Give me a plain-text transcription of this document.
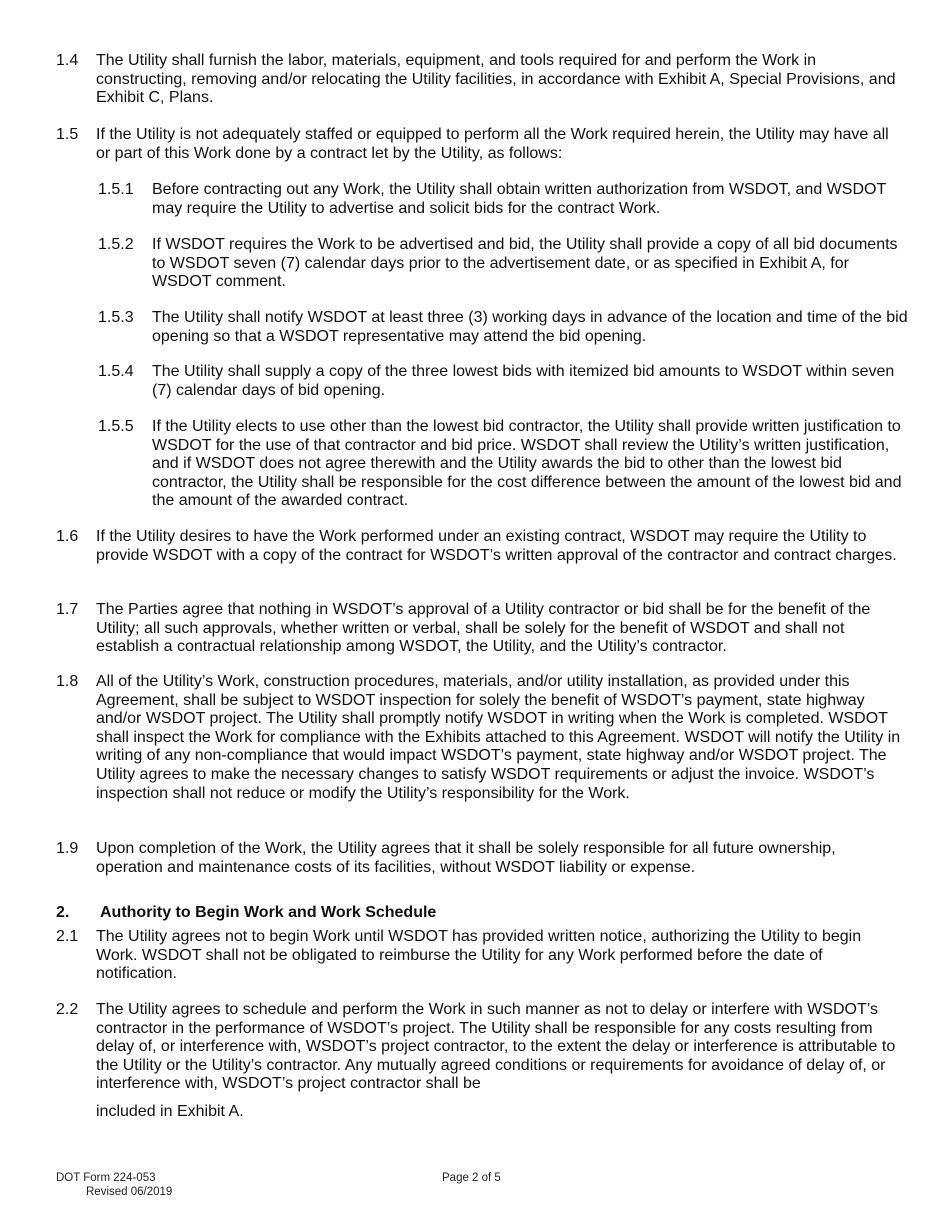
1.4 The Utility shall furnish the labor, materials, equipment, and tools required for and perform the Work in constructing, removing and/or relocating the Utility facilities, in accordance with Exhibit A, Special Provisions, and Exhibit C, Plans.
1.5 If the Utility is not adequately staffed or equipped to perform all the Work required herein, the Utility may have all or part of this Work done by a contract let by the Utility, as follows:
1.5.1 Before contracting out any Work, the Utility shall obtain written authorization from WSDOT, and WSDOT may require the Utility to advertise and solicit bids for the contract Work.
1.5.2 If WSDOT requires the Work to be advertised and bid, the Utility shall provide a copy of all bid documents to WSDOT seven (7) calendar days prior to the advertisement date, or as specified in Exhibit A, for WSDOT comment.
1.5.3 The Utility shall notify WSDOT at least three (3) working days in advance of the location and time of the bid opening so that a WSDOT representative may attend the bid opening.
1.5.4 The Utility shall supply a copy of the three lowest bids with itemized bid amounts to WSDOT within seven (7) calendar days of bid opening.
1.5.5 If the Utility elects to use other than the lowest bid contractor, the Utility shall provide written justification to WSDOT for the use of that contractor and bid price. WSDOT shall review the Utility’s written justification, and if WSDOT does not agree therewith and the Utility awards the bid to other than the lowest bid contractor, the Utility shall be responsible for the cost difference between the amount of the lowest bid and the amount of the awarded contract.
1.6 If the Utility desires to have the Work performed under an existing contract, WSDOT may require the Utility to provide WSDOT with a copy of the contract for WSDOT’s written approval of the contractor and contract charges.
1.7 The Parties agree that nothing in WSDOT’s approval of a Utility contractor or bid shall be for the benefit of the Utility; all such approvals, whether written or verbal, shall be solely for the benefit of WSDOT and shall not establish a contractual relationship among WSDOT, the Utility, and the Utility’s contractor.
1.8 All of the Utility’s Work, construction procedures, materials, and/or utility installation, as provided under this Agreement, shall be subject to WSDOT inspection for solely the benefit of WSDOT’s payment, state highway and/or WSDOT project. The Utility shall promptly notify WSDOT in writing when the Work is completed. WSDOT shall inspect the Work for compliance with the Exhibits attached to this Agreement. WSDOT will notify the Utility in writing of any non-compliance that would impact WSDOT’s payment, state highway and/or WSDOT project. The Utility agrees to make the necessary changes to satisfy WSDOT requirements or adjust the invoice. WSDOT’s inspection shall not reduce or modify the Utility’s responsibility for the Work.
1.9 Upon completion of the Work, the Utility agrees that it shall be solely responsible for all future ownership, operation and maintenance costs of its facilities, without WSDOT liability or expense.
2. Authority to Begin Work and Work Schedule
2.1 The Utility agrees not to begin Work until WSDOT has provided written notice, authorizing the Utility to begin Work. WSDOT shall not be obligated to reimburse the Utility for any Work performed before the date of notification.
2.2 The Utility agrees to schedule and perform the Work in such manner as not to delay or interfere with WSDOT’s contractor in the performance of WSDOT’s project. The Utility shall be responsible for any costs resulting from delay of, or interference with, WSDOT’s project contractor, to the extent the delay or interference is attributable to the Utility or the Utility’s contractor. Any mutually agreed conditions or requirements for avoidance of delay of, or interference with, WSDOT’s project contractor shall be
included in Exhibit A.
DOT Form 224-053
Revised 06/2019
Page 2 of 5
